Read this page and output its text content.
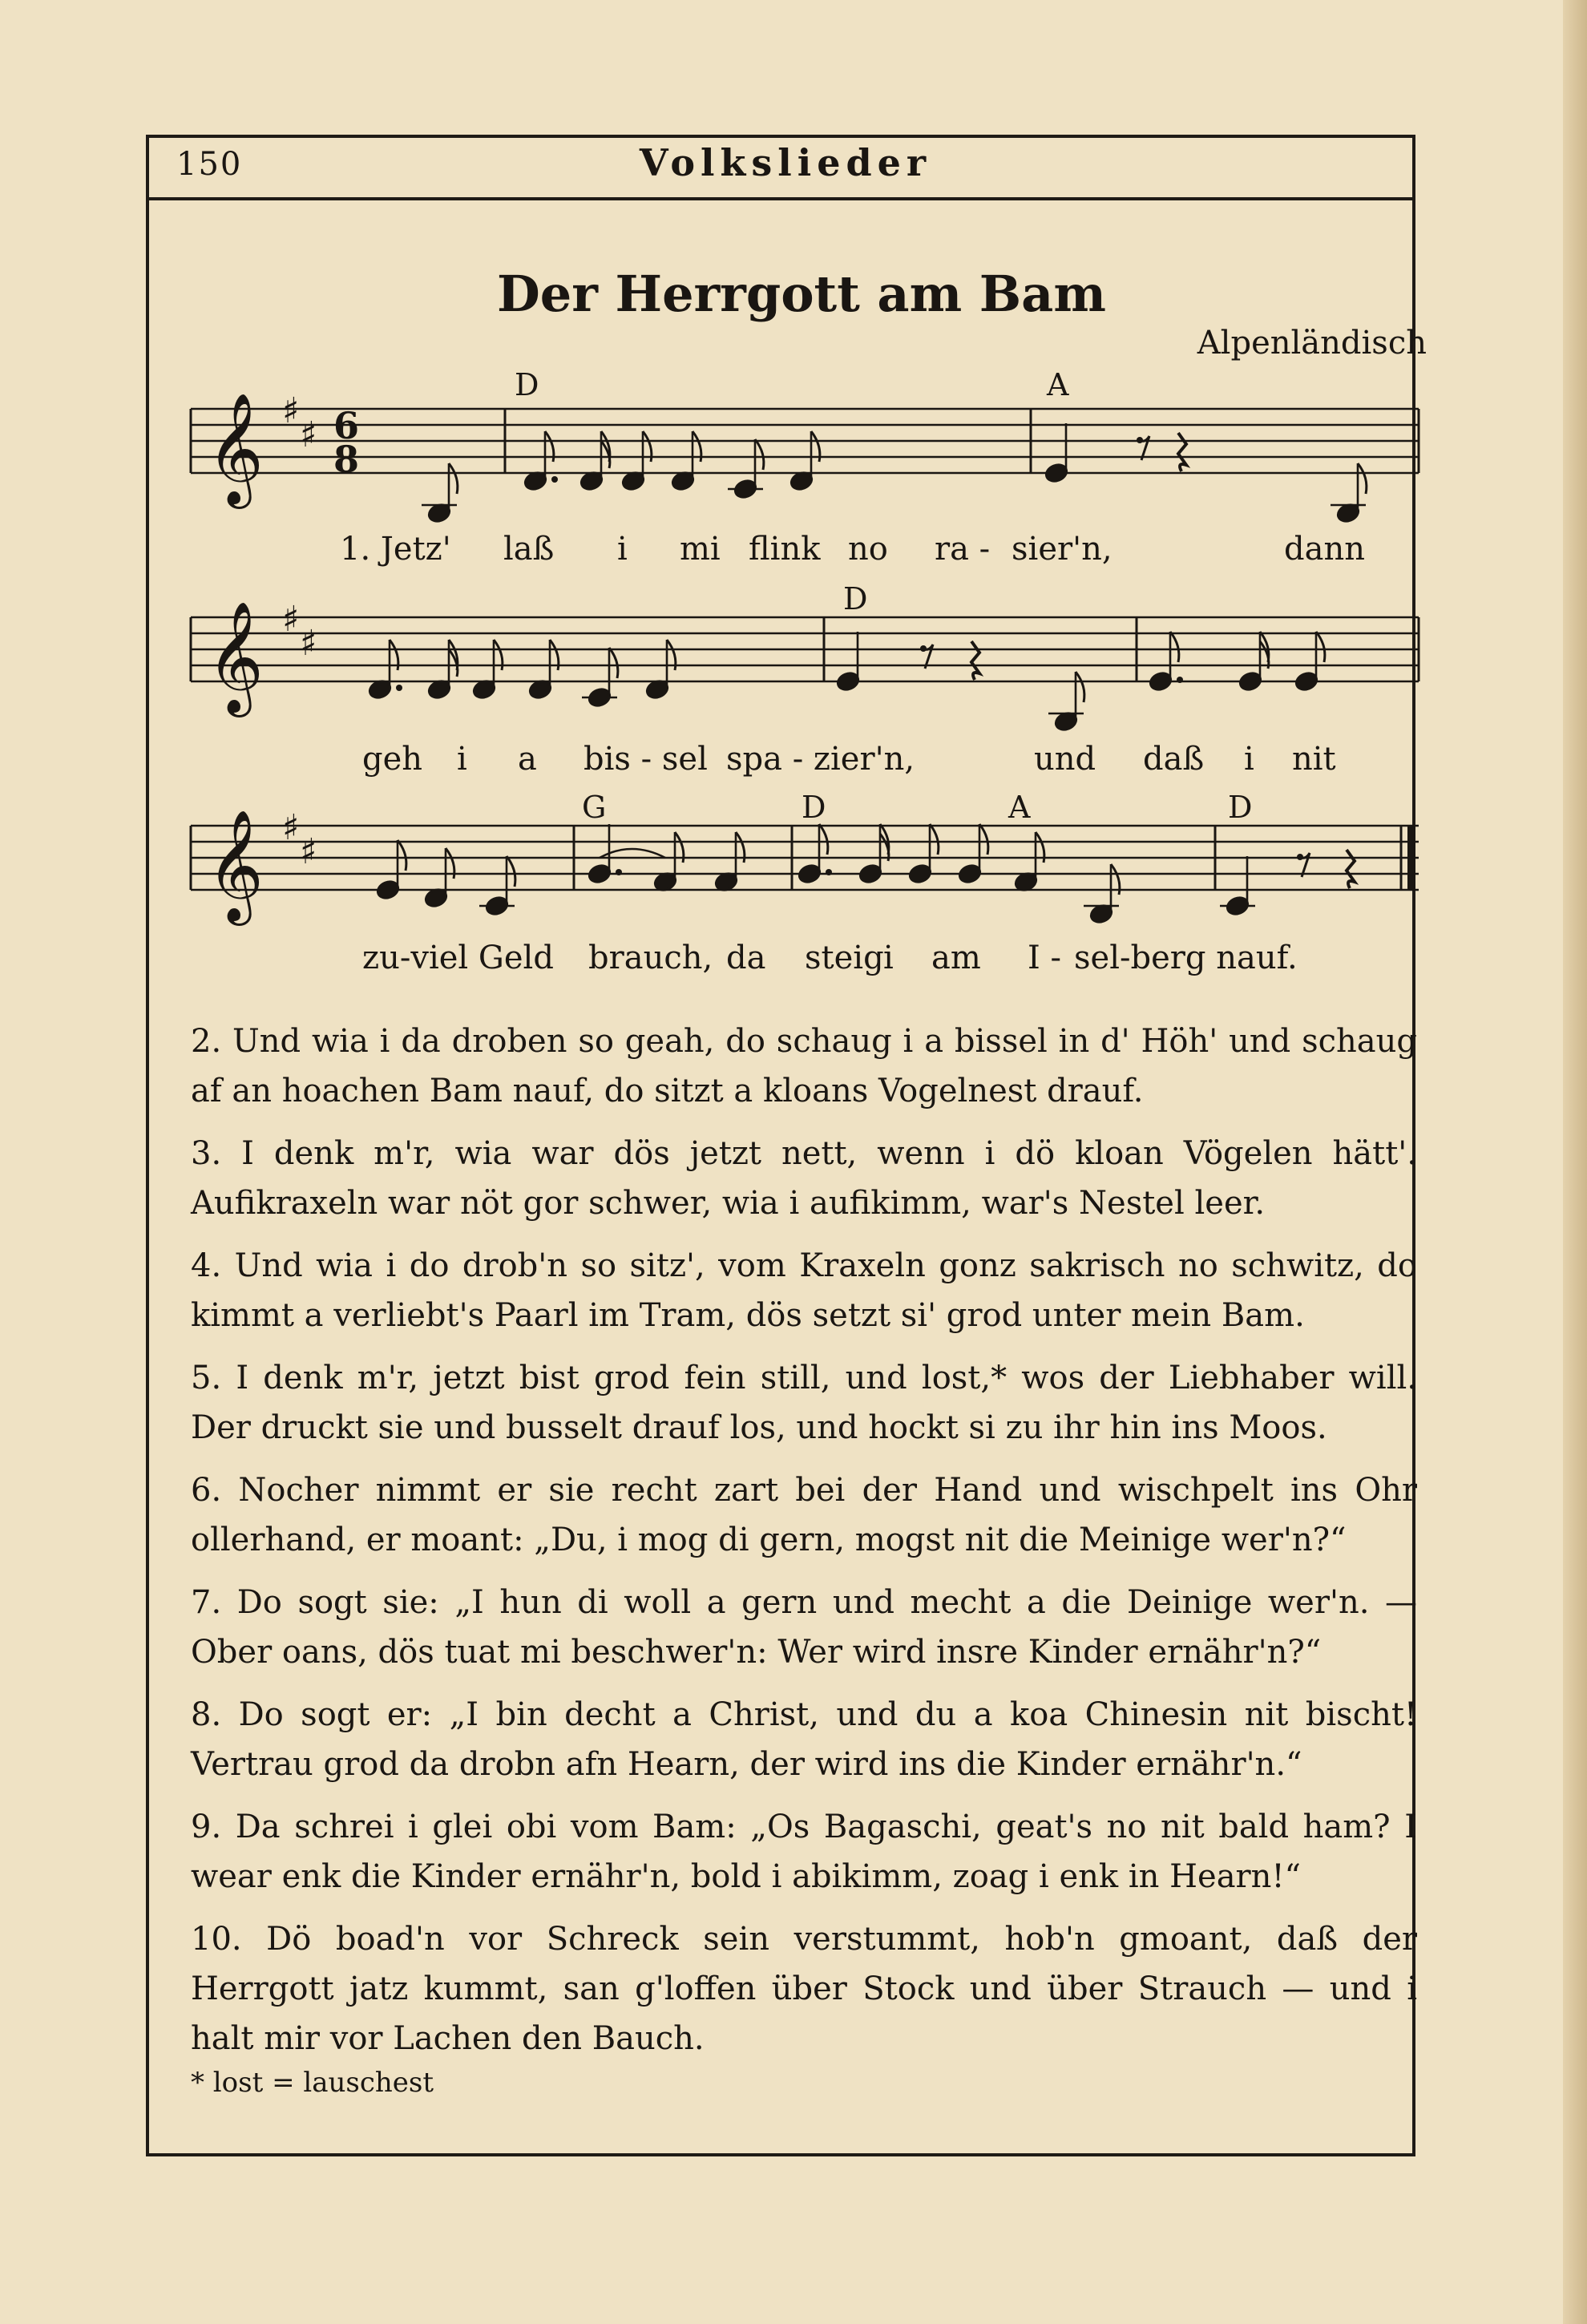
150	Volkslieder
Der Herrgott am Bam
Alpenländisch
𝄞
𝄞
𝄞
♯
♯
♯
♯
♯
♯
6
8
D	A
D
G	D	A	D
1. Jetz' laß i mi flink no ra - sier'n,	dann
geh i a bis - sel spa - zier'n,	und daß i nit
zu-viel Geld brauch, da steig i am I - sel-berg nauf.

2. Und wia i da droben so geah, do schaug i a bissel in d' Höh' und schaug af an hoachen Bam nauf, do sitzt a kloans Vogelnest drauf.

3. I denk m'r, wia war dös jetzt nett, wenn i dö kloan Vögelen hätt'. Aufikraxeln war nöt gor schwer, wia i aufikimm, war's Nestel leer.

4. Und wia i do drob'n so sitz', vom Kraxeln gonz sakrisch no schwitz, do kimmt a verliebt's Paarl im Tram, dös setzt si' grod unter mein Bam.

5. I denk m'r, jetzt bist grod fein still, und lost,* wos der Liebhaber will. Der druckt sie und busselt drauf los, und hockt si zu ihr hin ins Moos.

6. Nocher nimmt er sie recht zart bei der Hand und wischpelt ins Ohr ollerhand, er moant: „Du, i mog di gern, mogst nit die Meinige wer'n?“

7. Do sogt sie: „I hun di woll a gern und mecht a die Deinige wer'n. — Ober oans, dös tuat mi beschwer'n: Wer wird insre Kinder ernähr'n?“

8. Do sogt er: „I bin decht a Christ, und du a koa Chinesin nit bischt! Vertrau grod da drobn afn Hearn, der wird ins die Kinder ernähr'n.“

9. Da schrei i glei obi vom Bam: „Os Bagaschi, geat's no nit bald ham? I wear enk die Kinder ernähr'n, bold i abikimm, zoag i enk in Hearn!“

10. Dö boad'n vor Schreck sein verstummt, hob'n gmoant, daß der Herrgott jatz kummt, san g'loffen über Stock und über Strauch — und i halt mir vor Lachen den Bauch.

* lost = lauschest
